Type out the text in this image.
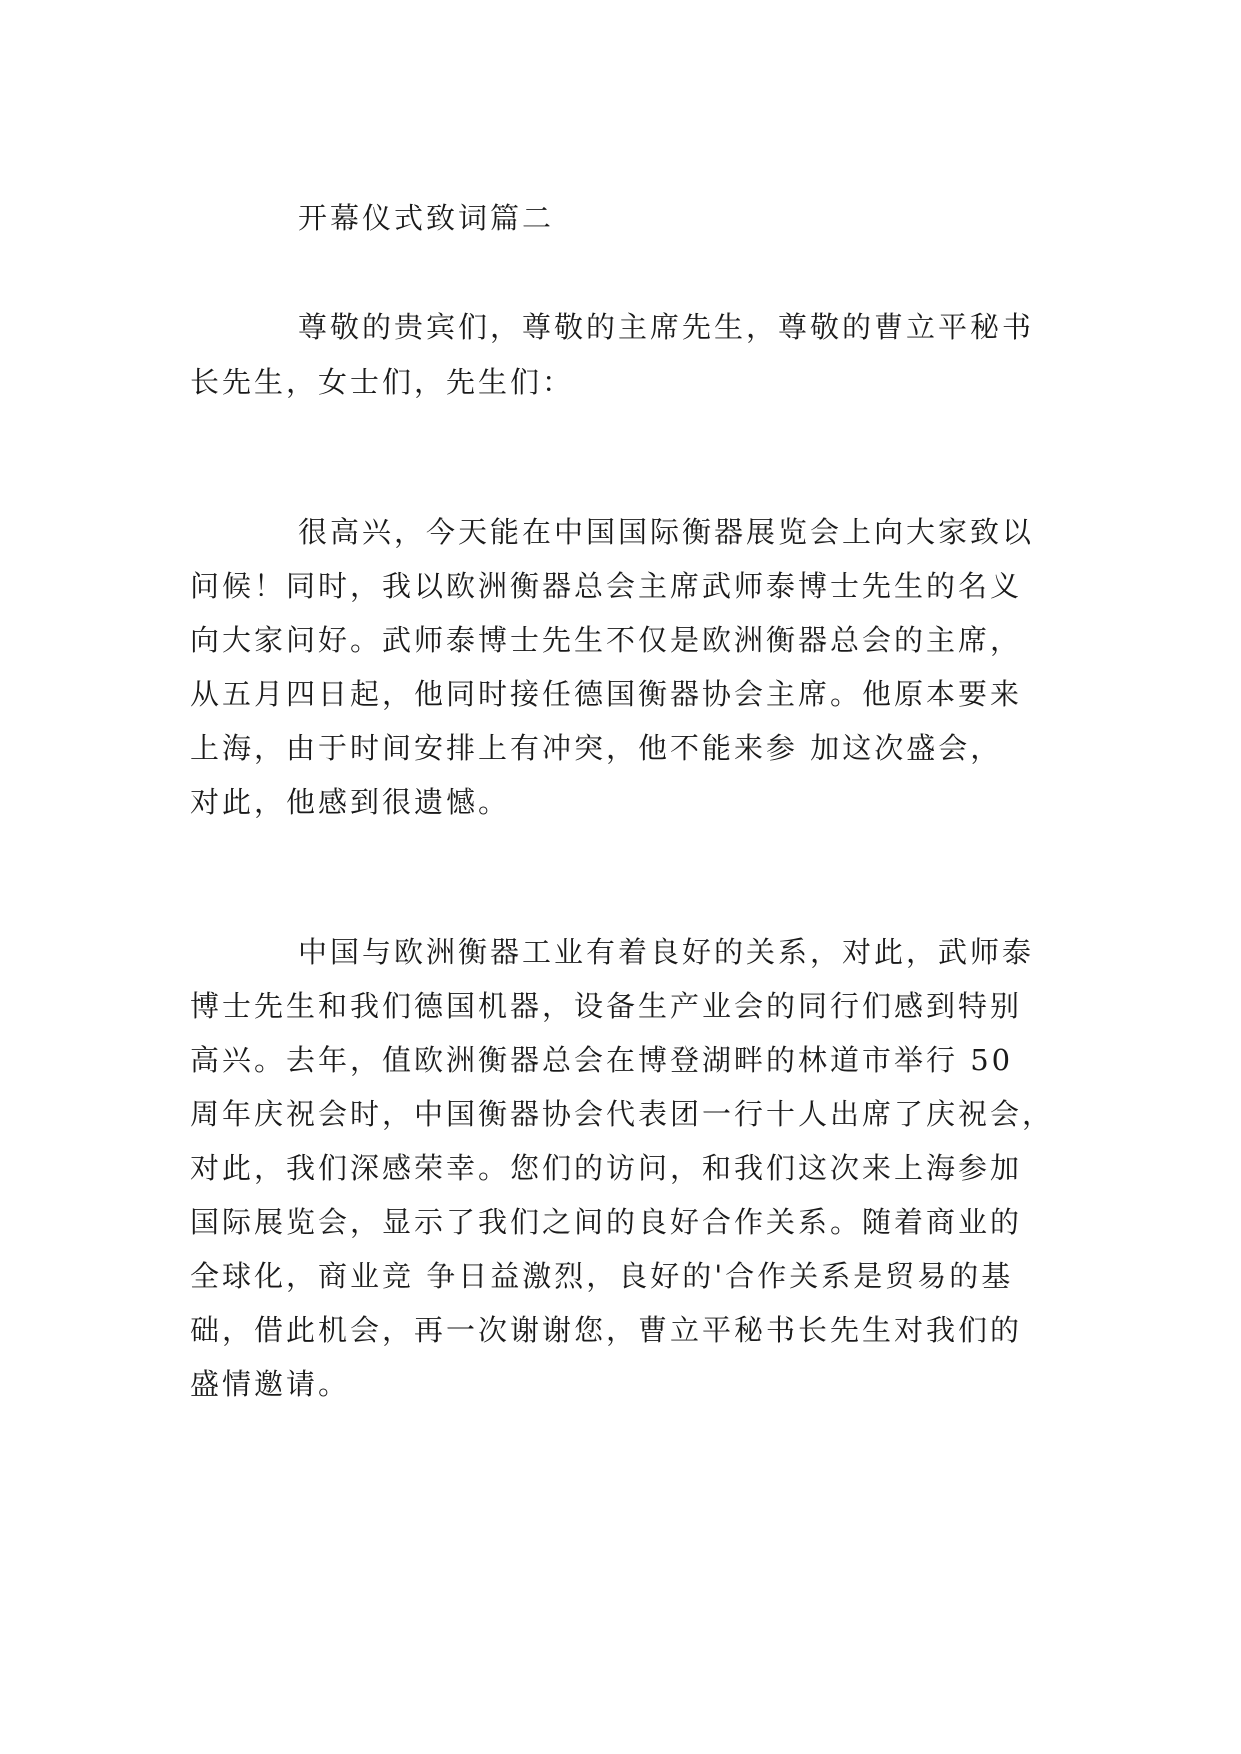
开幕仪式致词篇二
尊敬的贵宾们，尊敬的主席先生，尊敬的曹立平秘书
长先生，女士们，先生们：
很高兴，今天能在中国国际衡器展览会上向大家致以
问候！同时，我以欧洲衡器总会主席武师泰博士先生的名义
向大家问好。武师泰博士先生不仅是欧洲衡器总会的主席，
从五月四日起，他同时接任德国衡器协会主席。他原本要来
上海，由于时间安排上有冲突，他不能来参 加这次盛会，
对此，他感到很遗憾。
中国与欧洲衡器工业有着良好的关系，对此，武师泰
博士先生和我们德国机器，设备生产业会的同行们感到特别
高兴。去年，值欧洲衡器总会在博登湖畔的林道市举行 50
周年庆祝会时，中国衡器协会代表团一行十人出席了庆祝会，
对此，我们深感荣幸。您们的访问，和我们这次来上海参加
国际展览会，显示了我们之间的良好合作关系。随着商业的
全球化，商业竞 争日益激烈，良好的'合作关系是贸易的基
础，借此机会，再一次谢谢您，曹立平秘书长先生对我们的
盛情邀请。
